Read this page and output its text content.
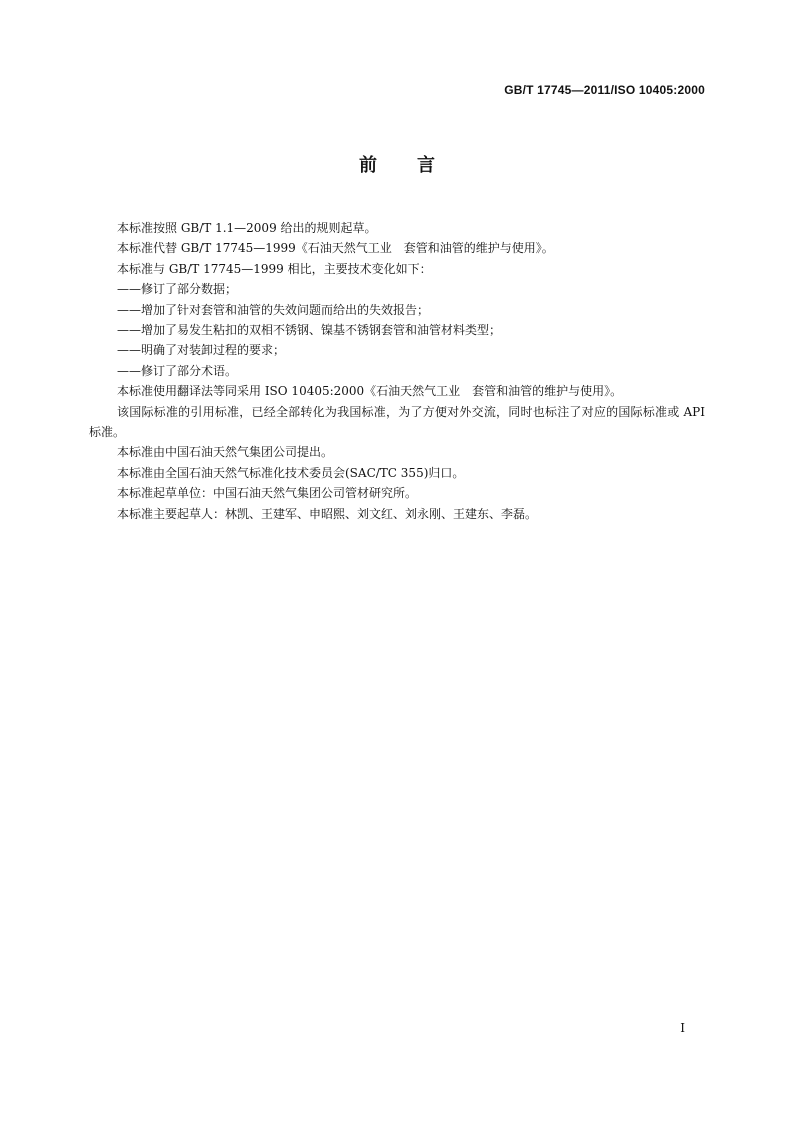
GB/T 17745—2011/ISO 10405:2000
前言

本标准按照 GB/T 1.1—2009 给出的规则起草。

本标准代替 GB/T 17745—1999《石油天然气工业　套管和油管的维护与使用》。

本标准与 GB/T 17745—1999 相比，主要技术变化如下：

——修订了部分数据；

——增加了针对套管和油管的失效问题而给出的失效报告；

——增加了易发生粘扣的双相不锈钢、镍基不锈钢套管和油管材料类型；

——明确了对装卸过程的要求；

——修订了部分术语。

本标准使用翻译法等同采用 ISO 10405:2000《石油天然气工业　套管和油管的维护与使用》。

该国际标准的引用标准，已经全部转化为我国标准，为了方便对外交流，同时也标注了对应的国际标准或 API 标准。

本标准由中国石油天然气集团公司提出。

本标准由全国石油天然气标准化技术委员会(SAC/TC 355)归口。

本标准起草单位：中国石油天然气集团公司管材研究所。

本标准主要起草人：林凯、王建军、申昭熙、刘文红、刘永刚、王建东、李磊。

I
